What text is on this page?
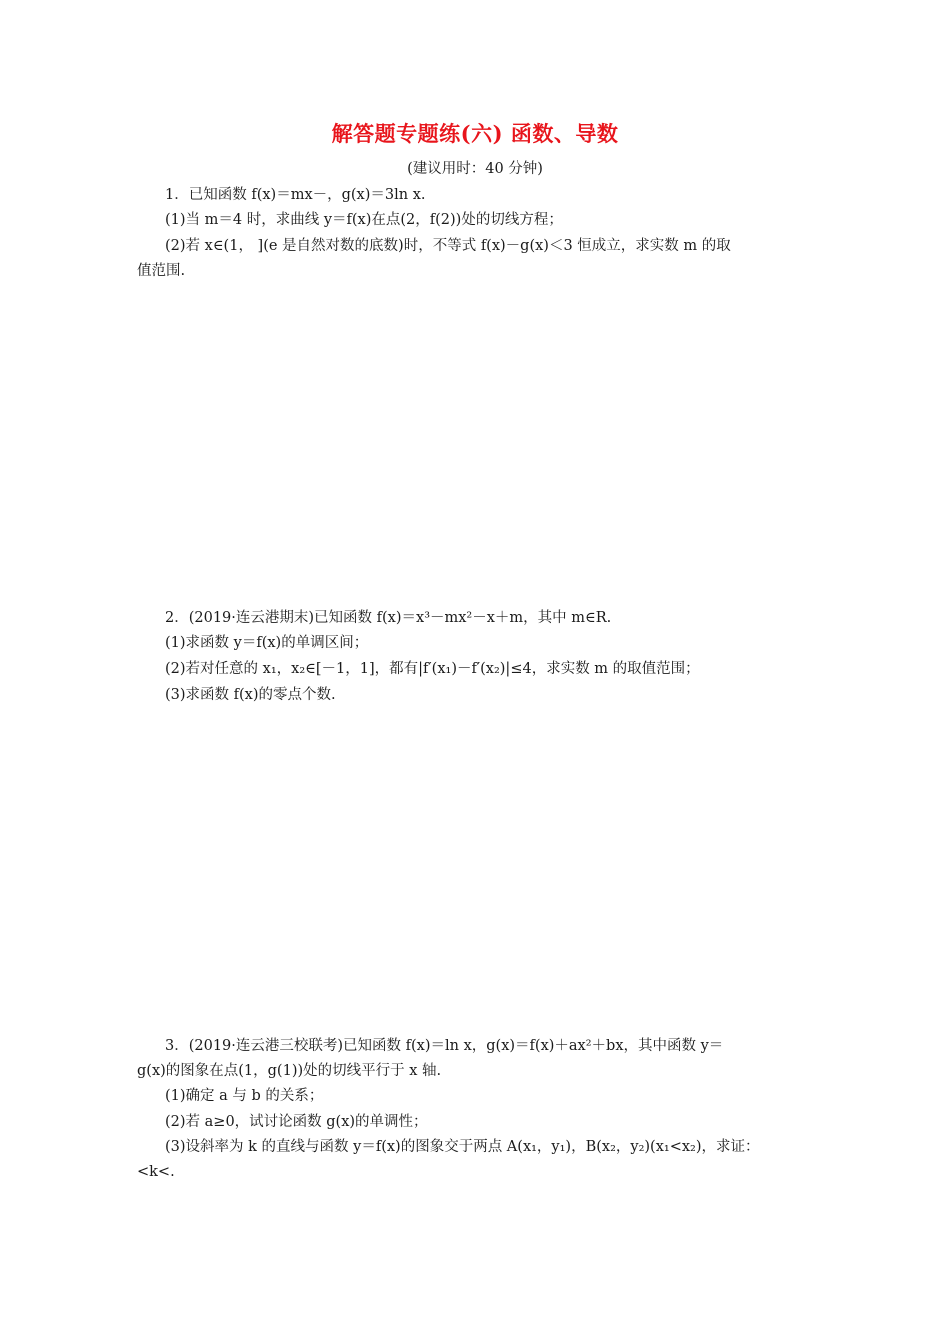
解答题专题练(六) 函数、导数
(建议用时：40 分钟)
1．已知函数 f(x)＝mx－，g(x)＝3ln x.
(1)当 m＝4 时，求曲线 y＝f(x)在点(2，f(2))处的切线方程；
(2)若 x∈(1， ](e 是自然对数的底数)时，不等式 f(x)－g(x)＜3 恒成立，求实数 m 的取
值范围.
2．(2019·连云港期末)已知函数 f(x)＝x³－mx²－x＋m，其中 m∈R.
(1)求函数 y＝f(x)的单调区间；
(2)若对任意的 x₁，x₂∈[－1，1]，都有|f′(x₁)－f′(x₂)|≤4，求实数 m 的取值范围；
(3)求函数 f(x)的零点个数.
3．(2019·连云港三校联考)已知函数 f(x)＝ln x，g(x)＝f(x)＋ax²＋bx，其中函数 y＝
g(x)的图象在点(1，g(1))处的切线平行于 x 轴.
(1)确定 a 与 b 的关系；
(2)若 a≥0，试讨论函数 g(x)的单调性；
(3)设斜率为 k 的直线与函数 y＝f(x)的图象交于两点 A(x₁，y₁)，B(x₂，y₂)(x₁<x₂)，求证：
<k<.
